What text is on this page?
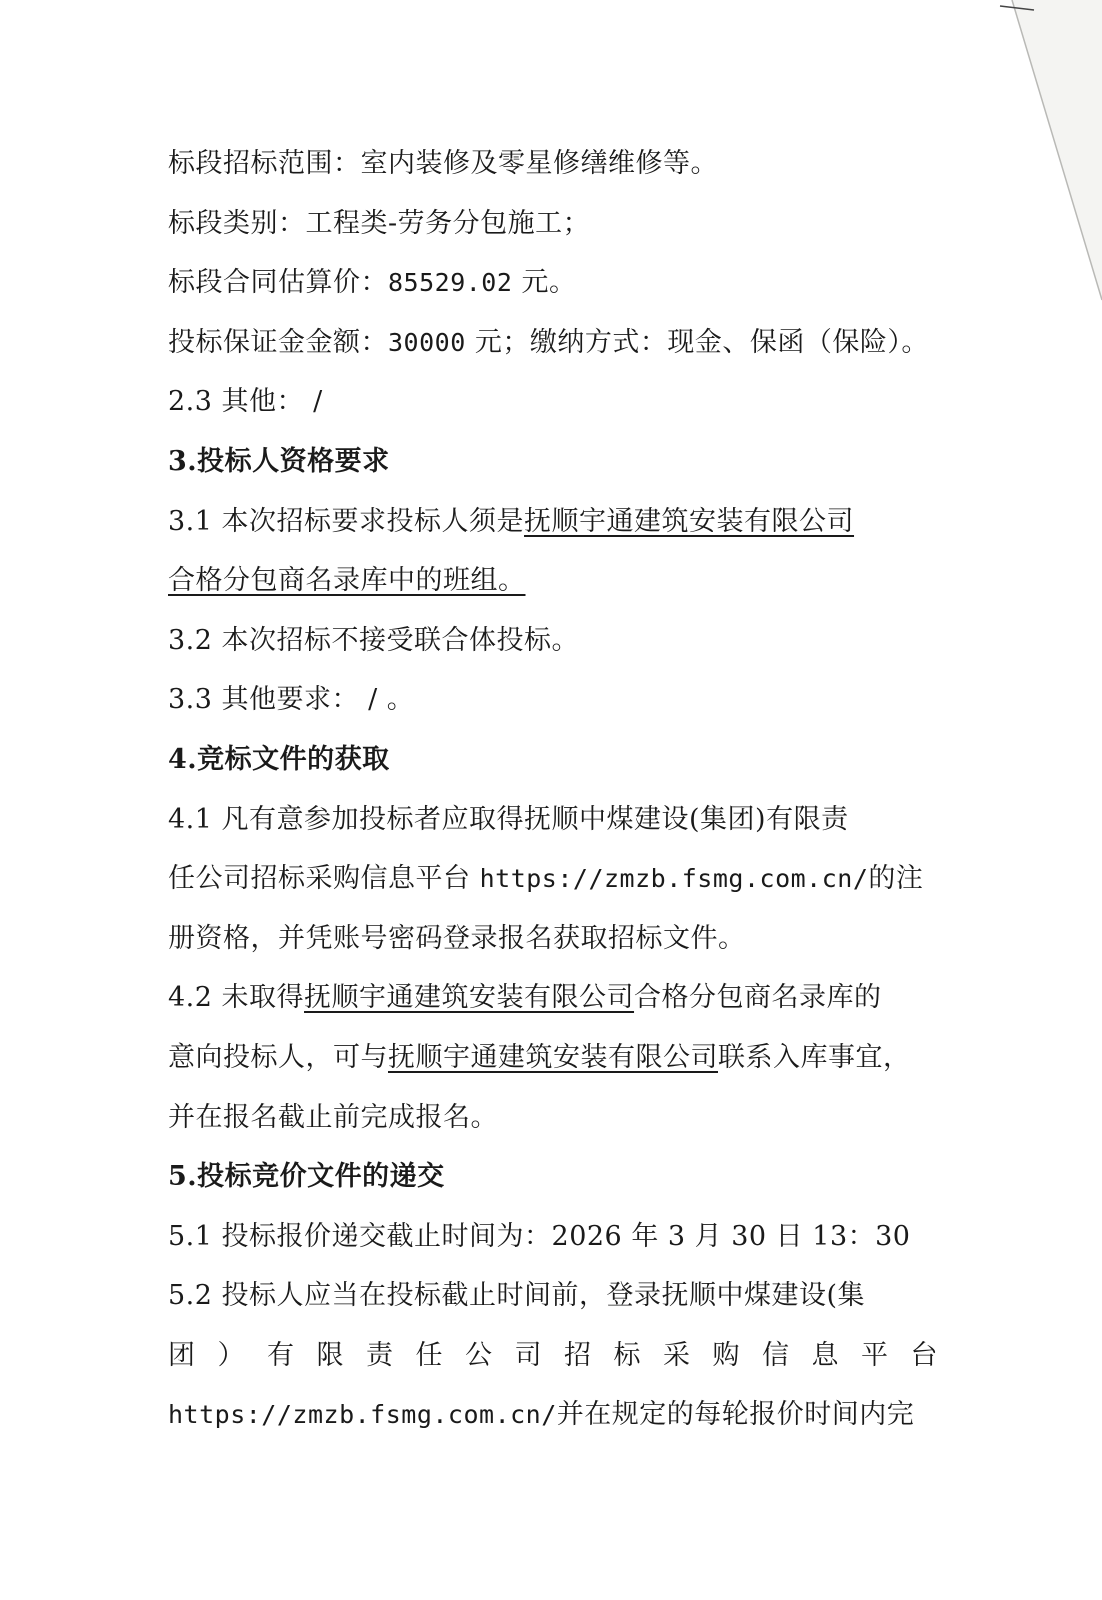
标段招标范围：室内装修及零星修缮维修等。
标段类别：工程类-劳务分包施工；
标段合同估算价：85529.02 元。
投标保证金金额：30000 元；缴纳方式：现金、保函（保险）。
2.3 其他： /
3.投标人资格要求
3.1 本次招标要求投标人须是抚顺宇通建筑安装有限公司
合格分包商名录库中的班组。
3.2 本次招标不接受联合体投标。
3.3 其他要求： / 。
4.竞标文件的获取
4.1 凡有意参加投标者应取得抚顺中煤建设(集团)有限责
任公司招标采购信息平台 https://zmzb.fsmg.com.cn/的注
册资格，并凭账号密码登录报名获取招标文件。
4.2 未取得抚顺宇通建筑安装有限公司合格分包商名录库的
意向投标人，可与抚顺宇通建筑安装有限公司联系入库事宜，
并在报名截止前完成报名。
5.投标竞价文件的递交
5.1 投标报价递交截止时间为：2026 年 3 月 30 日 13：30
5.2 投标人应当在投标截止时间前，登录抚顺中煤建设(集
团 ） 有 限 责 任 公 司 招 标 采 购 信 息 平 台
https://zmzb.fsmg.com.cn/并在规定的每轮报价时间内完
